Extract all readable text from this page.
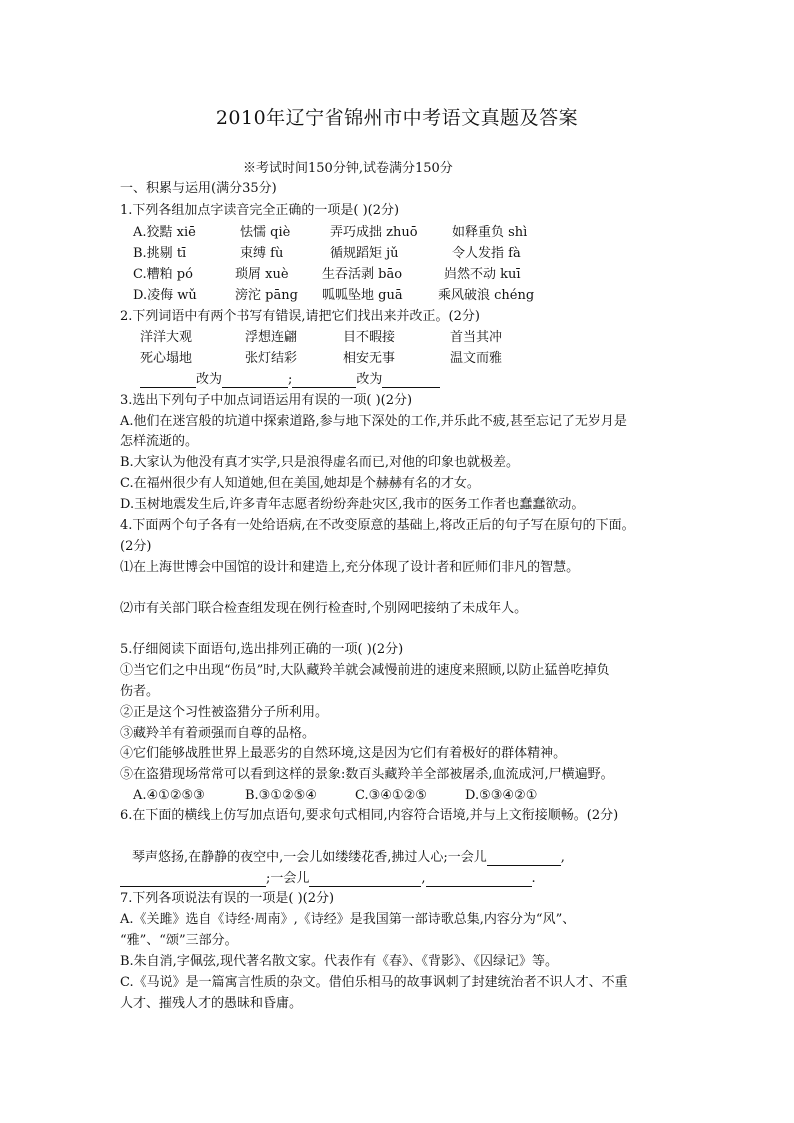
2010年辽宁省锦州市中考语文真题及答案
※考试时间150分钟,试卷满分150分
一、积累与运用(满分35分)
1.下列各组加点字读音完全正确的一项是( )(2分)
A.狡黠 xiē	怯懦 qiè	弄巧成拙 zhuō	如释重负 shì
B.挑剔 tī	束缚 fù	循规蹈矩 jǔ	令人发指 fà
C.糟粕 pó	琐屑 xuè	生吞活剥 bāo	岿然不动 kuī
D.凌侮 wǔ	滂沱 pāng 呱呱坠地 guā	乘风破浪 chéng
2.下列词语中有两个书写有错误,请把它们找出来并改正。(2分)
洋洋大观	浮想连翩	目不暇接	首当其冲
死心塌地	张灯结彩	相安无事	温文而雅
改为	;	改为
3.选出下列句子中加点词语运用有误的一项( )(2分)
A.他们在迷宫般的坑道中探索道路,参与地下深处的工作,并乐此不疲,甚至忘记了无岁月是
怎样流逝的。
B.大家认为他没有真才实学,只是浪得虚名而已,对他的印象也就极差。
C.在福州很少有人知道她,但在美国,她却是个赫赫有名的才女。
D.玉树地震发生后,许多青年志愿者纷纷奔赴灾区,我市的医务工作者也蠢蠢欲动。
4.下面两个句子各有一处给语病,在不改变原意的基础上,将改正后的句子写在原句的下面。
(2分)
⑴在上海世博会中国馆的设计和建造上,充分体现了设计者和匠师们非凡的智慧。
⑵市有关部门联合检查组发现在例行检查时,个别网吧接纳了未成年人。
5.仔细阅读下面语句,选出排列正确的一项( )(2分)
①当它们之中出现“伤员”时,大队藏羚羊就会减慢前进的速度来照顾,以防止猛兽吃掉负
伤者。
②正是这个习性被盗猎分子所利用。
③藏羚羊有着顽强而自尊的品格。
④它们能够战胜世界上最恶劣的自然环境,这是因为它们有着极好的群体精神。
⑤在盗猎现场常常可以看到这样的景象:数百头藏羚羊全部被屠杀,血流成河,尸横遍野。
A.④①②⑤③	B.③①②⑤④	C.③④①②⑤	D.⑤③④②①
6.在下面的横线上仿写加点语句,要求句式相同,内容符合语境,并与上文衔接顺畅。(2分)
琴声悠扬,在静静的夜空中,一会儿如缕缕花香,拂过人心;一会儿	,
;一会儿	,	.
7.下列各项说法有误的一项是( )(2分)
A.《关雎》选自《诗经·周南》,《诗经》是我国第一部诗歌总集,内容分为“风”、
“雅”、“颂”三部分。
B.朱自消,字佩弦,现代著名散文家。代表作有《春》、《背影》、《囚绿记》等。
C.《马说》是一篇寓言性质的杂文。借伯乐相马的故事讽刺了封建统治者不识人才、不重
人才、摧残人才的愚昧和昏庸。
